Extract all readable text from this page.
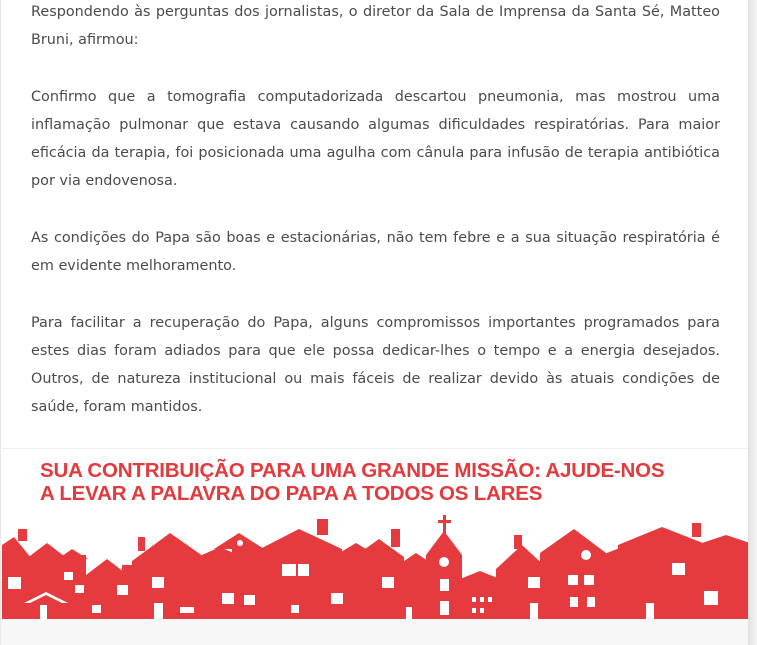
Respondendo às perguntas dos jornalistas, o diretor da Sala de Imprensa da Santa Sé, Matteo Bruni, afirmou:

Confirmo que a tomografia computadorizada descartou pneumonia, mas mostrou uma inflamação pulmonar que estava causando algumas dificuldades respiratórias. Para maior eficácia da terapia, foi posicionada uma agulha com cânula para infusão de terapia antibiótica por via endovenosa.

As condições do Papa são boas e estacionárias, não tem febre e a sua situação respiratória é em evidente melhoramento.

Para facilitar a recuperação do Papa, alguns compromissos importantes programados para estes dias foram adiados para que ele possa dedicar-lhes o tempo e a energia desejados. Outros, de natureza institucional ou mais fáceis de realizar devido às atuais condições de saúde, foram mantidos.

SUA CONTRIBUIÇÃO PARA UMA GRANDE MISSÃO: AJUDE-NOS A LEVAR A PALAVRA DO PAPA A TODOS OS LARES
